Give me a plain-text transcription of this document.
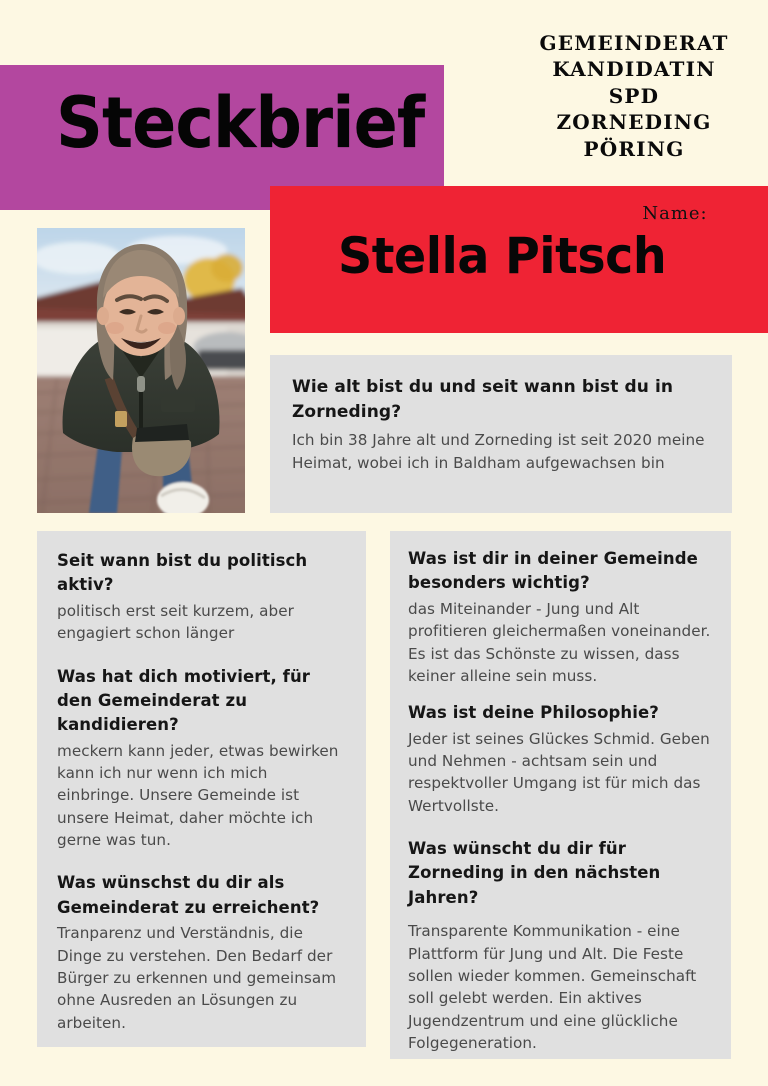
Steckbrief
GEMEINDERAT
KANDIDATIN
SPD
ZORNEDING
PÖRING
Name:
Stella Pitsch

Wie alt bist du und seit wann bist du in Zorneding?

Ich bin 38 Jahre alt und Zorneding ist seit 2020 meine Heimat, wobei ich in Baldham aufgewachsen bin

Seit wann bist du politisch aktiv?

politisch erst seit kurzem, aber engagiert schon länger

Was hat dich motiviert, für den Gemeinderat zu kandidieren?

meckern kann jeder, etwas bewirken kann ich nur wenn ich mich einbringe. Unsere Gemeinde ist unsere Heimat, daher möchte ich gerne was tun.

Was wünschst du dir als Gemeinderat zu erreichent?

Tranparenz und Verständnis, die Dinge zu verstehen. Den Bedarf der Bürger zu erkennen und gemeinsam ohne Ausreden an Lösungen zu arbeiten.

Was ist dir in deiner Gemeinde besonders wichtig?

das Miteinander - Jung und Alt profitieren gleichermaßen voneinander. Es ist das Schönste zu wissen, dass keiner alleine sein muss.

Was ist deine Philosophie?

Jeder ist seines Glückes Schmid. Geben und Nehmen - achtsam sein und respektvoller Umgang ist für mich das Wertvollste.

Was wünscht du dir für Zorneding in den nächsten Jahren?

Transparente Kommunikation - eine Plattform für Jung und Alt. Die Feste sollen wieder kommen. Gemeinschaft soll gelebt werden. Ein aktives Jugendzentrum und eine glückliche Folgegeneration.
